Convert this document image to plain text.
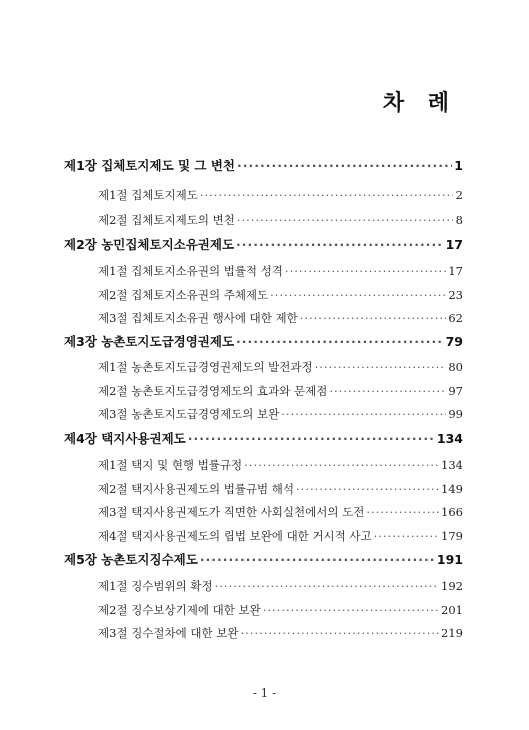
차 례
제1장 집체토지제도 및 그 변천 ·····	1
제1절 집체토지제도 ·····	2
제2절 집체토지제도의 변천 ·····	8
제2장 농민집체토지소유권제도 ·····	17
제1절 집체토지소유권의 법률적 성격 ·····	17
제2절 집체토지소유권의 주체제도 ·····	23
제3절 집체토지소유권 행사에 대한 제한 ·····	62
제3장 농촌토지도급경영권제도 ·····	79
제1절 농촌토지도급경영권제도의 발전과정 ·····	80
제2절 농촌토지도급경영제도의 효과와 문제점 ·····	97
제3절 농촌토지도급경영제도의 보완 ·····	99
제4장 택지사용권제도 ·····	134
제1절 택지 및 현행 법률규정 ·····	134
제2절 택지사용권제도의 법률규범 해석 ·····	149
제3절 택지사용권제도가 직면한 사회실천에서의 도전 ·····	166
제4절 택지사용권제도의 립법 보완에 대한 거시적 사고 ·····	179
제5장 농촌토지징수제도 ·····	191
제1절 징수범위의 확정 ·····	192
제2절 징수보상기제에 대한 보완 ·····	201
제3절 징수절차에 대한 보완 ·····	219
- 1 -
